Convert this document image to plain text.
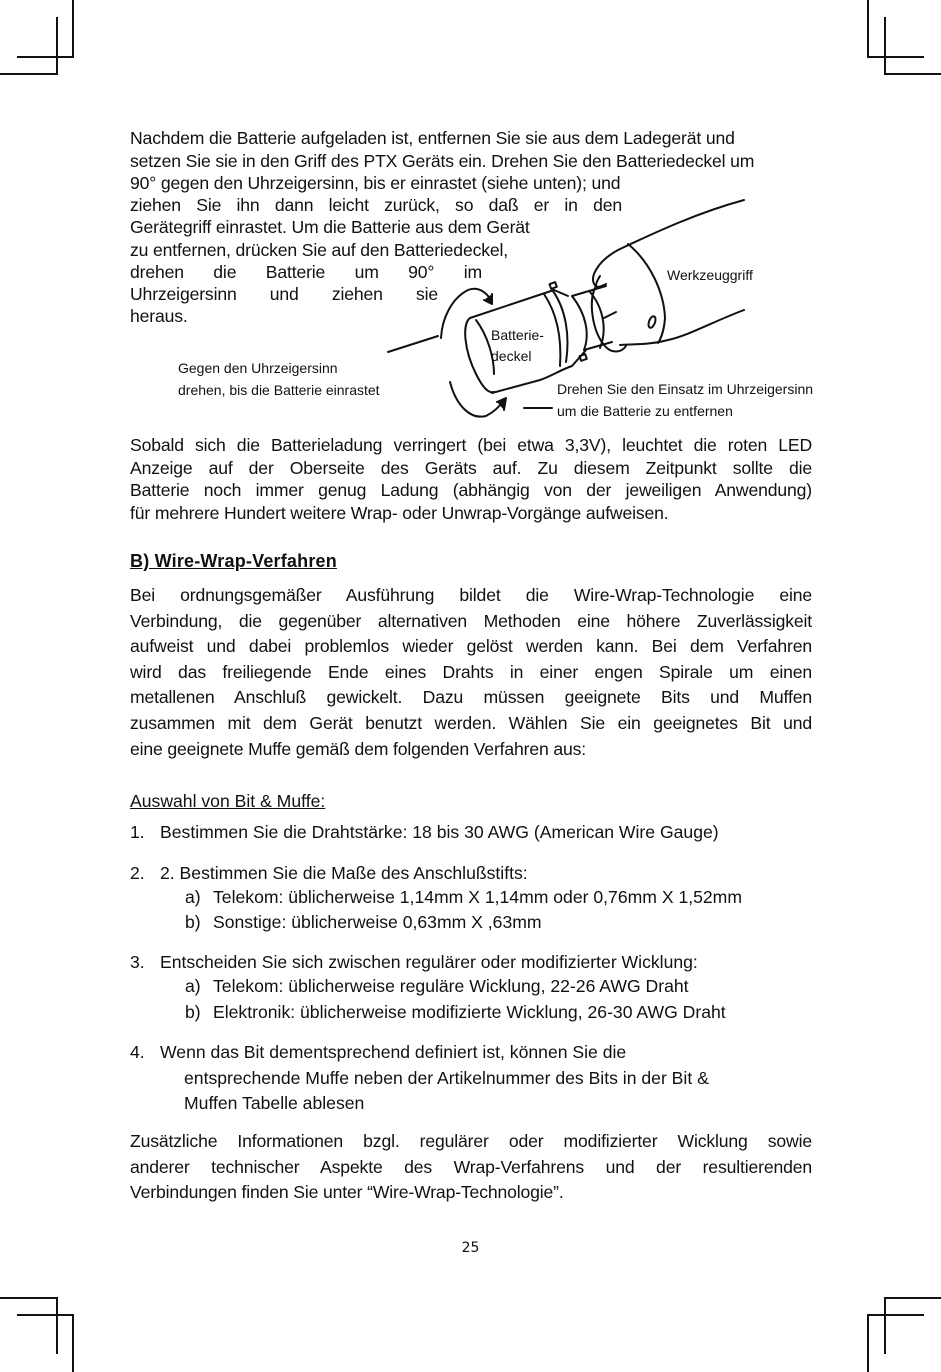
Nachdem die Batterie aufgeladen ist, entfernen Sie sie aus dem Ladegerät und
setzen Sie sie in den Griff des PTX Geräts ein. Drehen Sie den Batteriedeckel um
90° gegen den Uhrzeigersinn, bis er einrastet (siehe unten); und
ziehen Sie ihn dann leicht zurück, so daß er in den
Gerätegriff einrastet. Um die Batterie aus dem Gerät
zu entfernen, drücken Sie auf den Batteriedeckel,
drehen die Batterie um 90° im
Uhrzeigersinn und ziehen sie
heraus.
Werkzeuggriff
Batterie-
deckel
Gegen den Uhrzeigersinn
drehen, bis die Batterie einrastet	Drehen Sie den Einsatz im Uhrzeigersinn
um die Batterie zu entfernen
Sobald sich die Batterieladung verringert (bei etwa 3,3V), leuchtet die roten LED
Anzeige auf der Oberseite des Geräts auf. Zu diesem Zeitpunkt sollte die
Batterie noch immer genug Ladung (abhängig von der jeweiligen Anwendung)
für mehrere Hundert weitere Wrap- oder Unwrap-Vorgänge aufweisen.
B) Wire-Wrap-Verfahren
Bei ordnungsgemäßer Ausführung bildet die Wire-Wrap-Technologie eine
Verbindung, die gegenüber alternativen Methoden eine höhere Zuverlässigkeit
aufweist und dabei problemlos wieder gelöst werden kann. Bei dem Verfahren
wird das freiliegende Ende eines Drahts in einer engen Spirale um einen
metallenen Anschluß gewickelt. Dazu müssen geeignete Bits und Muffen
zusammen mit dem Gerät benutzt werden. Wählen Sie ein geeignetes Bit und
eine geeignete Muffe gemäß dem folgenden Verfahren aus:
Auswahl von Bit & Muffe:
1. Bestimmen Sie die Drahtstärke: 18 bis 30 AWG (American Wire Gauge)
2. 2. Bestimmen Sie die Maße des Anschlußstifts:
a) Telekom: üblicherweise 1,14mm X 1,14mm oder 0,76mm X 1,52mm
b) Sonstige: üblicherweise 0,63mm X ,63mm
3. Entscheiden Sie sich zwischen regulärer oder modifizierter Wicklung:
a) Telekom: üblicherweise reguläre Wicklung, 22-26 AWG Draht
b) Elektronik: üblicherweise modifizierte Wicklung, 26-30 AWG Draht
4. Wenn das Bit dementsprechend definiert ist, können Sie die
entsprechende Muffe neben der Artikelnummer des Bits in der Bit &
Muffen Tabelle ablesen
Zusätzliche Informationen bzgl. regulärer oder modifizierter Wicklung sowie
anderer technischer Aspekte des Wrap-Verfahrens und der resultierenden
Verbindungen finden Sie unter “Wire-Wrap-Technologie”.
25
